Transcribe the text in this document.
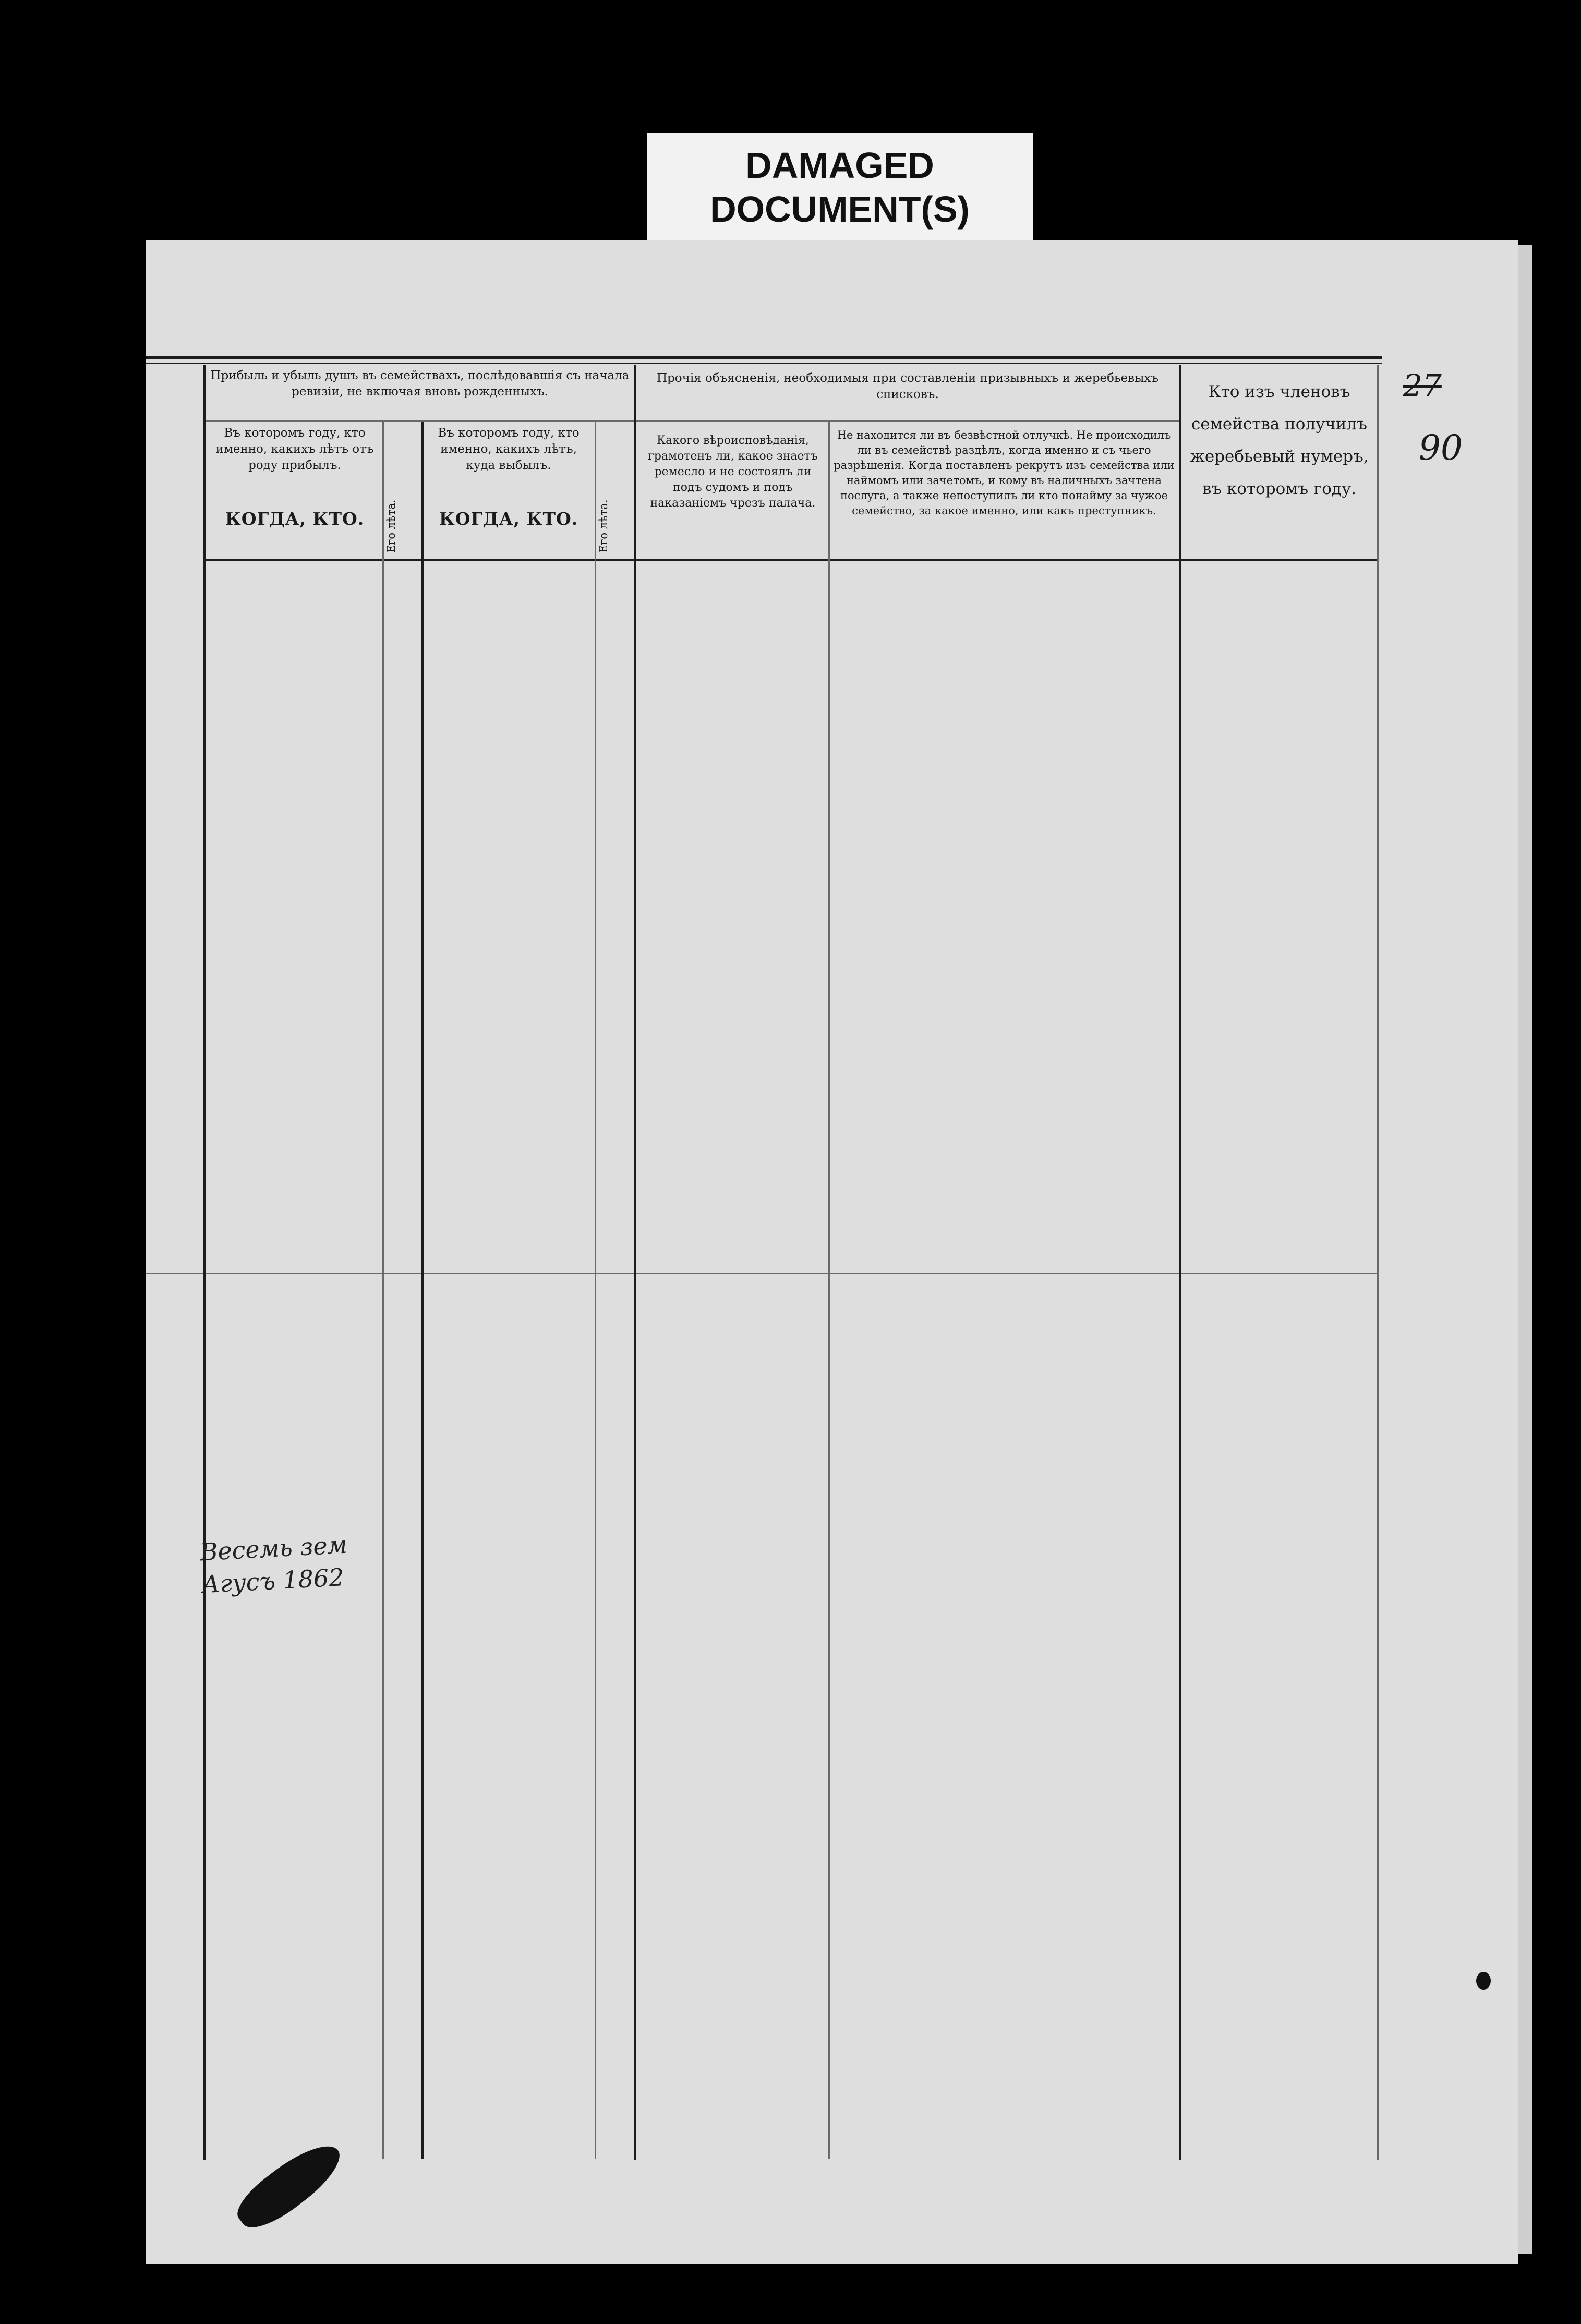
DAMAGED
DOCUMENT(S)
Прибыль и убыль душъ въ семействахъ, послѣдовавшія съ начала ревизіи, не включая вновь рожденныхъ.
Въ которомъ году, кто именно, какихъ лѣтъ отъ роду прибылъ.
Въ которомъ году, кто именно, какихъ лѣтъ, куда выбылъ.
КОГДА, КТО.	КОГДА, КТО.
Его лѣта.	Его лѣта.
Прочія объясненія, необходимыя при составленіи призывныхъ и жеребьевыхъ списковъ.
Какого вѣроисповѣданія, грамотенъ ли, какое знаетъ ремесло и не состоялъ ли подъ судомъ и подъ наказаніемъ чрезъ палача.
Не находится ли въ безвѣстной отлучкѣ. Не происходилъ ли въ семействѣ раздѣлъ, когда именно и съ чьего разрѣшенія. Когда поставленъ рекрутъ изъ семейства или наймомъ или зачетомъ, и кому въ наличныхъ зачтена послуга, а также непоступилъ ли кто понайму за чужое семейство, за какое именно, или какъ преступникъ.
Кто изъ членовъ семейства получилъ жеребьевый нумеръ, въ которомъ году.
27
90
Весемь зем
Агусъ 1862
